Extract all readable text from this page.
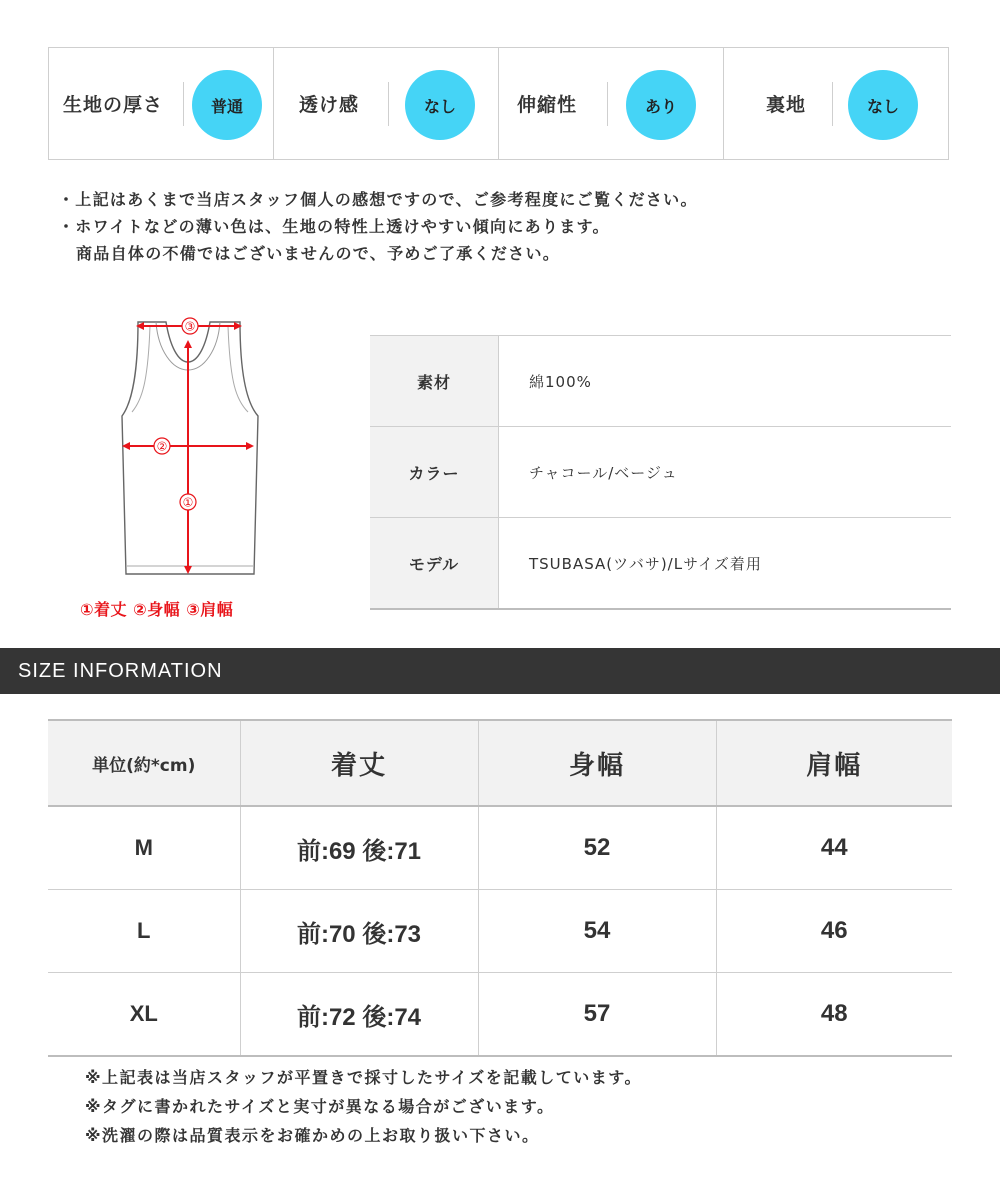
生地の厚さ	普通	透け感	なし	伸縮性	あり	裏地	なし
・上記はあくまで当店スタッフ個人の感想ですので、ご参考程度にご覧ください。
・ホワイトなどの薄い色は、生地の特性上透けやすい傾向にあります。
商品自体の不備ではございませんので、予めご了承ください。
③
②
①
①着丈 ②身幅 ③肩幅
素材	綿100%
カラー	チャコール/ベージュ
モデル	TSUBASA(ツバサ)/Lサイズ着用
SIZE INFORMATION
単位(約*cm)	着丈	身幅	肩幅
M	前:69 後:71	52	44
L	前:70 後:73	54	46
XL	前:72 後:74	57	48
※上記表は当店スタッフが平置きで採寸したサイズを記載しています。
※タグに書かれたサイズと実寸が異なる場合がございます。
※洗濯の際は品質表示をお確かめの上お取り扱い下さい。
